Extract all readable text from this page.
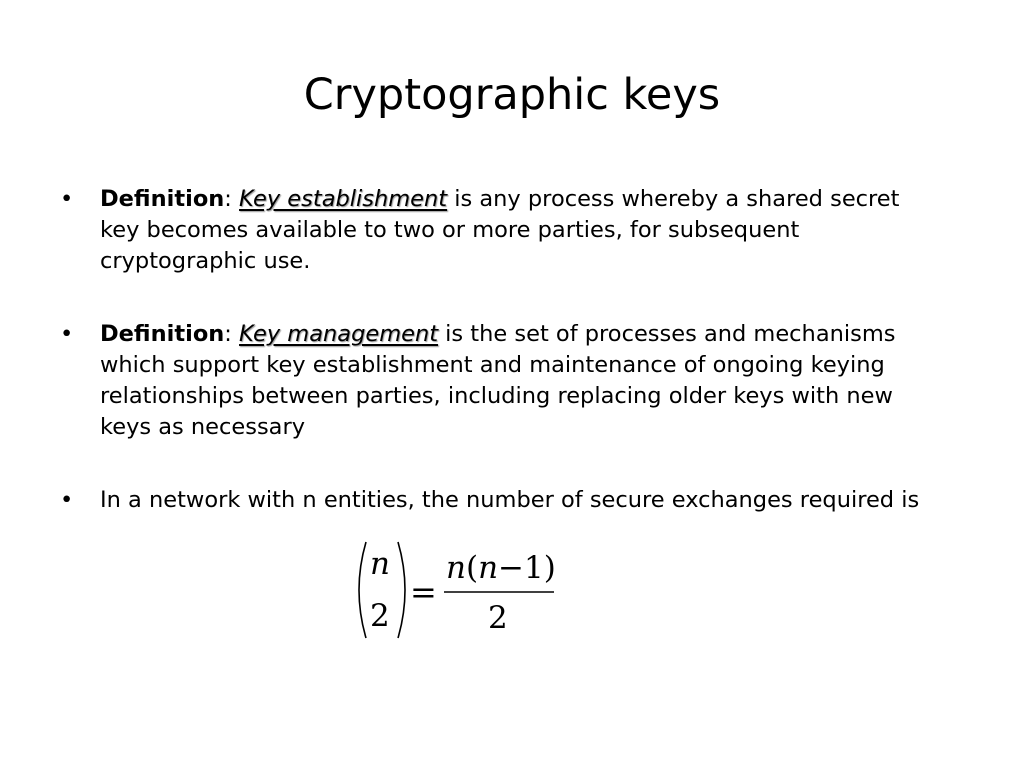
Cryptographic keys
• Definition: Key establishment is any process whereby a shared secret key becomes available to two or more parties, for subsequent cryptographic use.
• Definition: Key management is the set of processes and mechanisms which support key establishment and maintenance of ongoing keying relationships between parties, including replacing older keys with new keys as necessary
• In a network with n entities, the number of secure exchanges required is
n
2
=
n(n−1)
2
